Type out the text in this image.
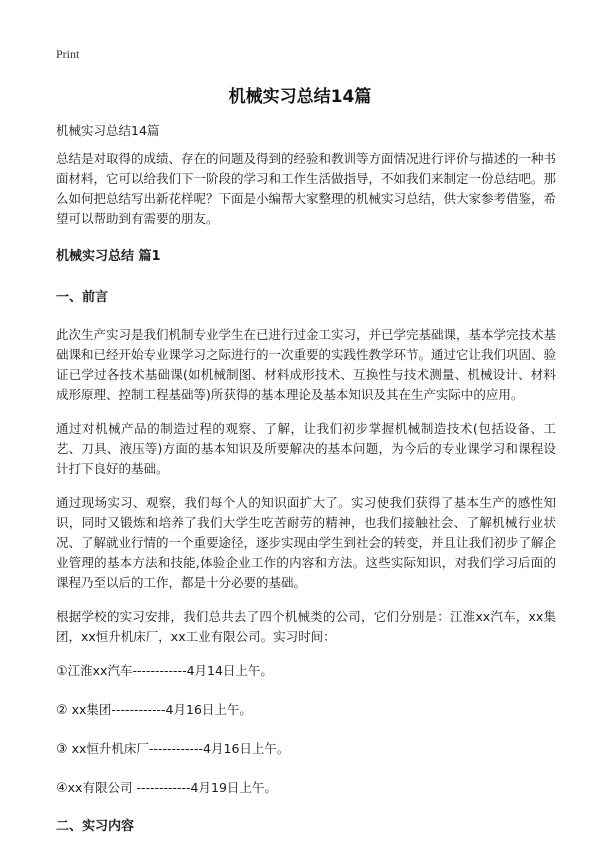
Print
机械实习总结14篇

机械实习总结14篇

总结是对取得的成绩、存在的问题及得到的经验和教训等方面情况进行评价与描述的一种书面材料，它可以给我们下一阶段的学习和工作生活做指导，不如我们来制定一份总结吧。那么如何把总结写出新花样呢？下面是小编帮大家整理的机械实习总结，供大家参考借鉴，希望可以帮助到有需要的朋友。

机械实习总结 篇1

一、前言

此次生产实习是我们机制专业学生在已进行过金工实习，并已学完基础课，基本学完技术基础课和已经开始专业课学习之际进行的一次重要的实践性教学环节。通过它让我们巩固、验证已学过各技术基础课(如机械制图、材料成形技术、互换性与技术测量、机械设计、材料成形原理、控制工程基础等)所获得的基本理论及基本知识及其在生产实际中的应用。

通过对机械产品的制造过程的观察、了解，让我们初步掌握机械制造技术(包括设备、工艺、刀具、液压等)方面的基本知识及所要解决的基本问题，为今后的专业课学习和课程设计打下良好的基础。

通过现场实习、观察，我们每个人的知识面扩大了。实习使我们获得了基本生产的感性知识，同时又锻炼和培养了我们大学生吃苦耐劳的精神，也我们接触社会、了解机械行业状况、了解就业行情的一个重要途径，逐步实现由学生到社会的转变，并且让我们初步了解企业管理的基本方法和技能,体验企业工作的内容和方法。这些实际知识，对我们学习后面的课程乃至以后的工作，都是十分必要的基础。

根据学校的实习安排，我们总共去了四个机械类的公司，它们分别是：江淮xx汽车，xx集团，xx恒升机床厂，xx工业有限公司。实习时间：

①江淮xx汽车------------4月14日上午。

② xx集团------------4月16日上午。

③ xx恒升机床厂------------4月16日上午。

④xx有限公司 ------------4月19日上午。

二、实习内容
